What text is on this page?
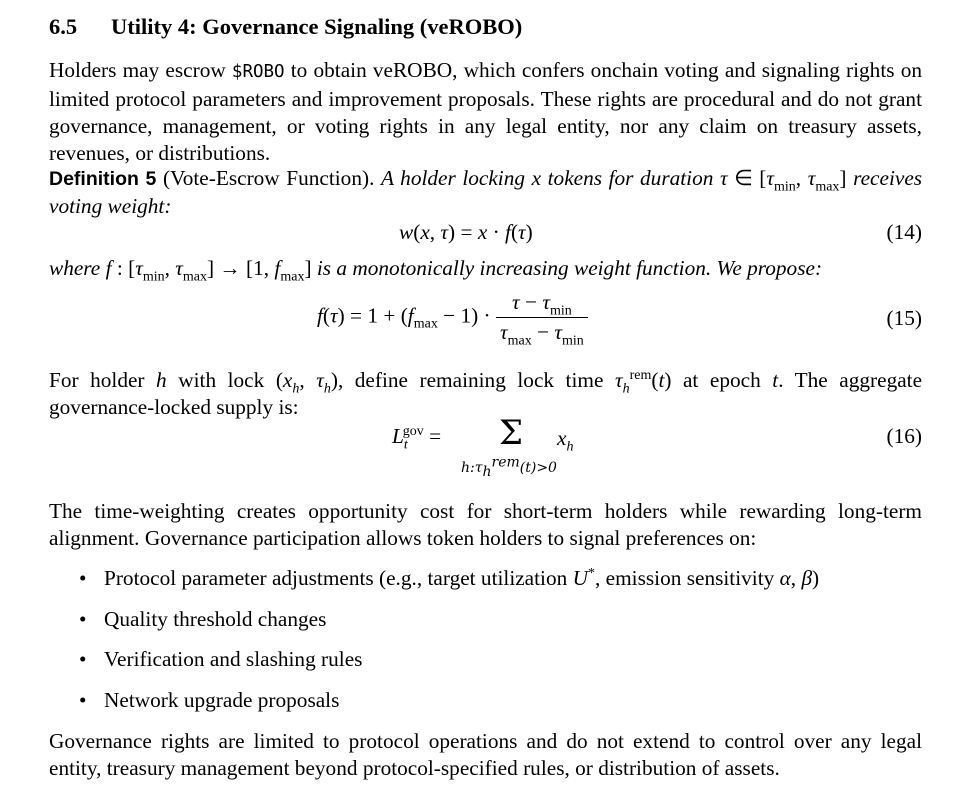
6.5 Utility 4: Governance Signaling (veROBO)
Holders may escrow $ROBO to obtain veROBO, which confers onchain voting and signaling rights on limited protocol parameters and improvement proposals. These rights are procedural and do not grant governance, management, or voting rights in any legal entity, nor any claim on treasury assets, revenues, or distributions.
Definition 5 (Vote-Escrow Function). A holder locking x tokens for duration τ ∈ [$\tau_{min}$, $\tau_{max}$] receives voting weight:
w(x, τ) = x · f(τ)	(14)
where f : [$\tau_{min}$, $\tau_{max}] \to [1$, $f_{max}$] is a monotonically increasing weight function. We propose:
$f(\tau) = 1 + (f_{max} - 1) \cdot \frac{\tau - \tau_{min}}{\tau_{max} - \tau_{min}}$	(15)
For holder h with lock ($x_h$, $\tau_h$), define remaining lock time $\tau_h^{rem}(t)$ at epoch t. The aggregate governance-locked supply is:
$L_t^{gov} = \Sigma$ $x_h$
$h:\tau_h^{rem}(t)>0$
(16)
The time-weighting creates opportunity cost for short-term holders while rewarding long-term alignment. Governance participation allows token holders to signal preferences on:
• Protocol parameter adjustments (e.g., target utilization U*, emission sensitivity α, β)
• Quality threshold changes
• Verification and slashing rules
• Network upgrade proposals
Governance rights are limited to protocol operations and do not extend to control over any legal entity, treasury management beyond protocol-specified rules, or distribution of assets.
